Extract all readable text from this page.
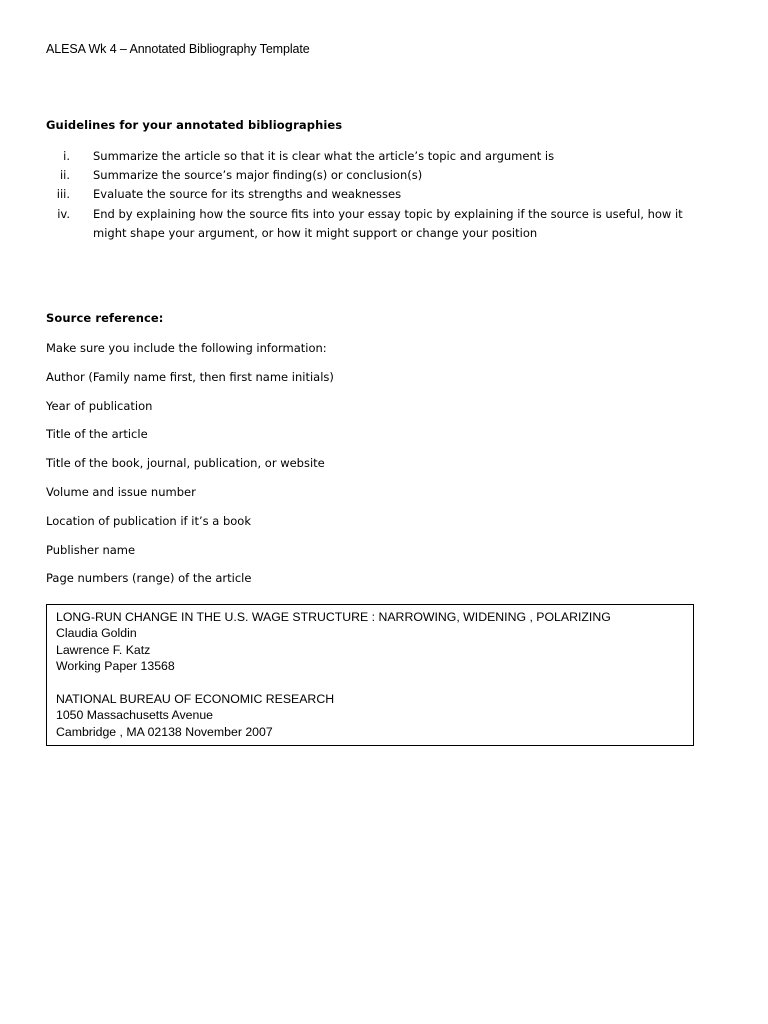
ALESA Wk 4 – Annotated Bibliography Template
Guidelines for your annotated bibliographies
i. Summarize the article so that it is clear what the article’s topic and argument is
ii. Summarize the source’s major finding(s) or conclusion(s)
iii. Evaluate the source for its strengths and weaknesses
iv. End by explaining how the source fits into your essay topic by explaining if the source is useful, how it might shape your argument, or how it might support or change your position
Source reference:
Make sure you include the following information:
Author (Family name first, then first name initials)
Year of publication
Title of the article
Title of the book, journal, publication, or website
Volume and issue number
Location of publication if it’s a book
Publisher name
Page numbers (range) of the article
LONG-RUN CHANGE IN THE U.S. WAGE STRUCTURE : NARROWING, WIDENING , POLARIZING
Claudia Goldin
Lawrence F. Katz
Working Paper 13568
NATIONAL BUREAU OF ECONOMIC RESEARCH
1050 Massachusetts Avenue
Cambridge , MA 02138 November 2007
